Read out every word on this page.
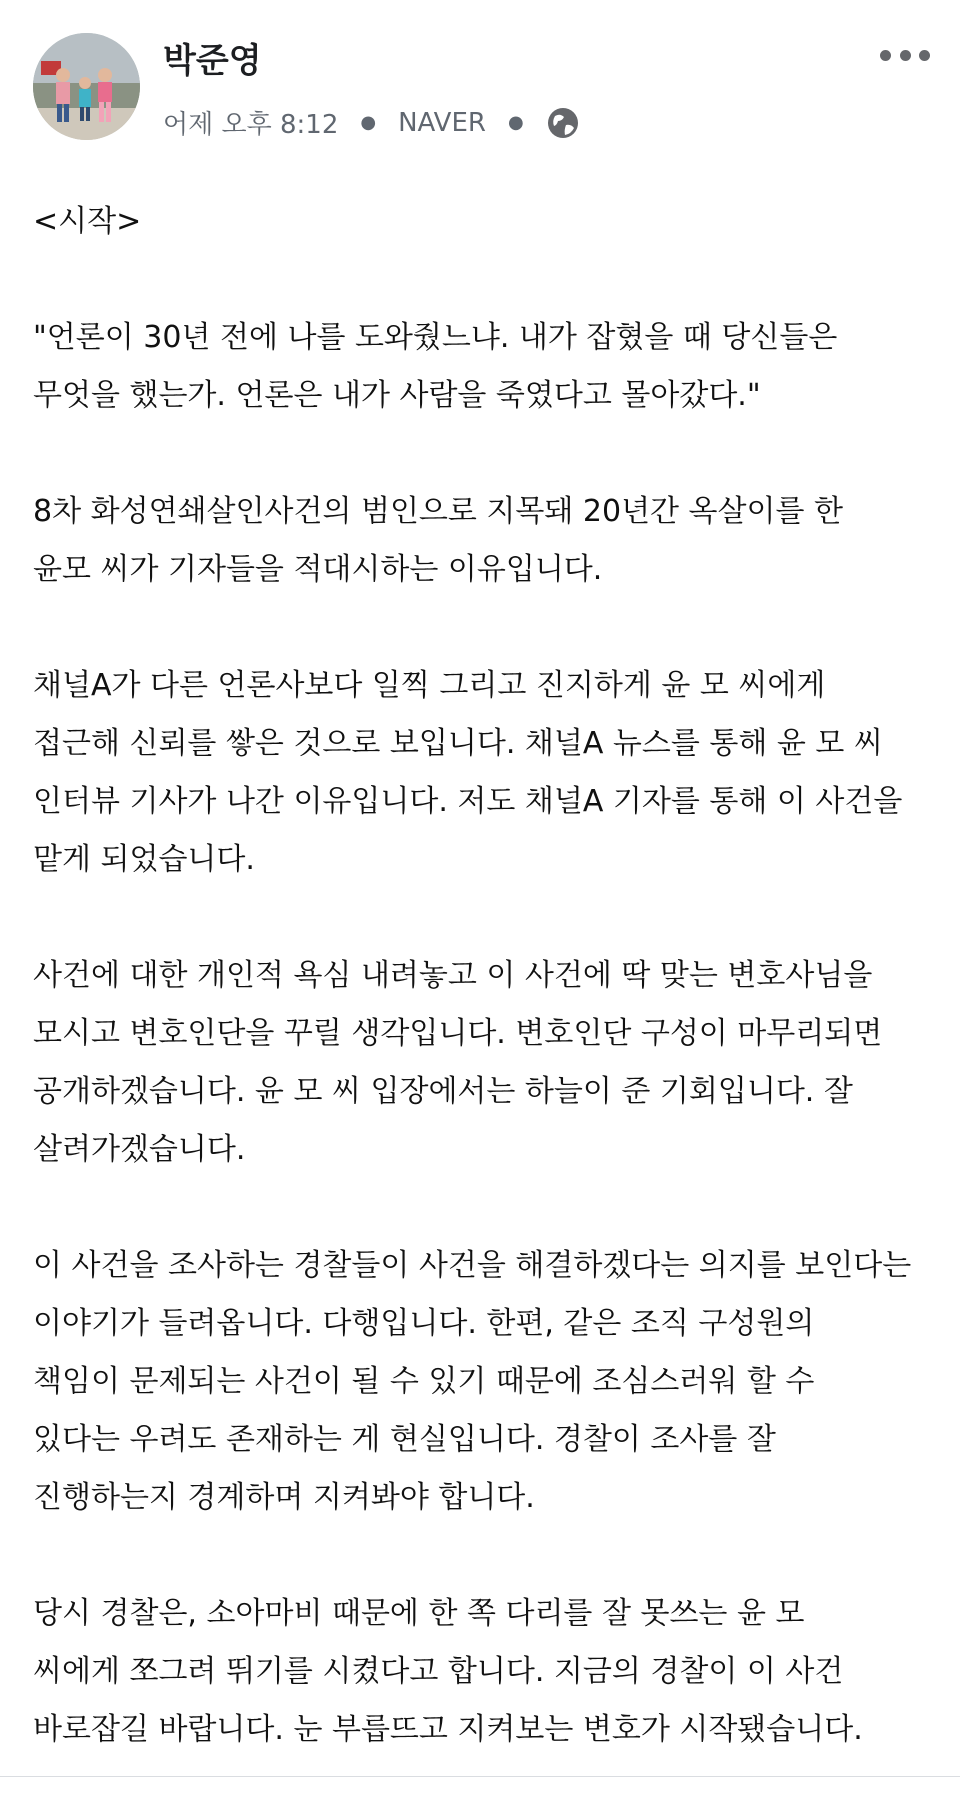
박준영
어제 오후 8:12 ● NAVER ●

<시작>

"언론이 30년 전에 나를 도와줬느냐. 내가 잡혔을 때 당신들은
무엇을 했는가. 언론은 내가 사람을 죽였다고 몰아갔다."

8차 화성연쇄살인사건의 범인으로 지목돼 20년간 옥살이를 한
윤모 씨가 기자들을 적대시하는 이유입니다.

채널A가 다른 언론사보다 일찍 그리고 진지하게 윤 모 씨에게
접근해 신뢰를 쌓은 것으로 보입니다. 채널A 뉴스를 통해 윤 모 씨
인터뷰 기사가 나간 이유입니다. 저도 채널A 기자를 통해 이 사건을
맡게 되었습니다.

사건에 대한 개인적 욕심 내려놓고 이 사건에 딱 맞는 변호사님을
모시고 변호인단을 꾸릴 생각입니다. 변호인단 구성이 마무리되면
공개하겠습니다. 윤 모 씨 입장에서는 하늘이 준 기회입니다. 잘
살려가겠습니다.

이 사건을 조사하는 경찰들이 사건을 해결하겠다는 의지를 보인다는
이야기가 들려옵니다. 다행입니다. 한편, 같은 조직 구성원의
책임이 문제되는 사건이 될 수 있기 때문에 조심스러워 할 수
있다는 우려도 존재하는 게 현실입니다. 경찰이 조사를 잘
진행하는지 경계하며 지켜봐야 합니다.

당시 경찰은, 소아마비 때문에 한 쪽 다리를 잘 못쓰는 윤 모
씨에게 쪼그려 뛰기를 시켰다고 합니다. 지금의 경찰이 이 사건
바로잡길 바랍니다. 눈 부릅뜨고 지켜보는 변호가 시작됐습니다.
